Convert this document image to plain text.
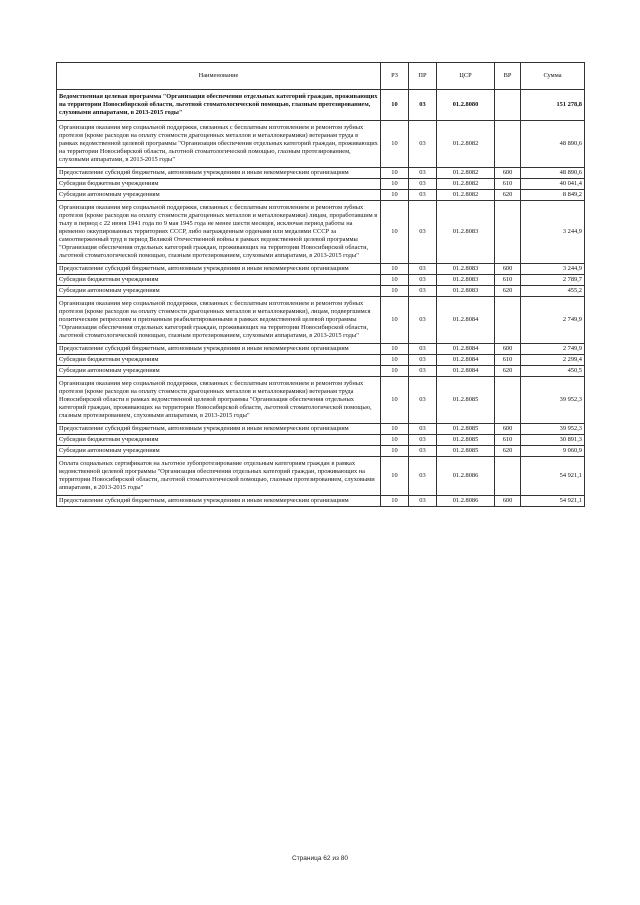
Наименование	РЗ	ПР	ЦСР	ВР	Сумма
Ведомственная целевая программа "Организация обеспечения отдельных категорий граждан, проживающих на территории Новосибирской области, льготной стоматологической помощью, глазным протезированием, слуховыми аппаратами, в 2013-2015 годы"	10	03	01.2.8080		151 278,8
Организация оказания мер социальной поддержки, связанных с бесплатным изготовлением и ремонтом зубных протезов (кроме расходов на оплату стоимости драгоценных металлов и металлокерамики) ветеранам труда в рамках ведомственной целевой программы "Организация обеспечения отдельных категорий граждан, проживающих на территории Новосибирской области, льготной стоматологической помощью, глазным протезированием, слуховыми аппаратами, в 2013-2015 годы"	10	03	01.2.8082		48 890,6
Предоставление субсидий бюджетным, автономным учреждениям и иным некоммерческим организациям	10	03	01.2.8082	600	48 890,6
Субсидии бюджетным учреждениям	10	03	01.2.8082	610	40 041,4
Субсидии автономным учреждениям	10	03	01.2.8082	620	8 849,2
Организация оказания мер социальной поддержки, связанных с бесплатным изготовлением и ремонтом зубных протезов (кроме расходов на оплату стоимости драгоценных металлов и металлокерамики) лицам, проработавшим в тылу в период с 22 июня 1941 года по 9 мая 1945 года не менее шести месяцев, исключая период работы на временно оккупированных территориях СССР, либо награжденным орденами или медалями СССР за самоотверженный труд в период Великой Отечественной войны в рамках ведомственной целевой программы "Организация обеспечения отдельных категорий граждан, проживающих на территории Новосибирской области, льготной стоматологической помощью, глазным протезированием, слуховыми аппаратами, в 2013-2015 годы"	10	03	01.2.8083		3 244,9
Предоставление субсидий бюджетным, автономным учреждениям и иным некоммерческим организациям	10	03	01.2.8083	600	3 244,9
Субсидии бюджетным учреждениям	10	03	01.2.8083	610	2 789,7
Субсидии автономным учреждениям	10	03	01.2.8083	620	455,2
Организация оказания мер социальной поддержки, связанных с бесплатным изготовлением и ремонтом зубных протезов (кроме расходов на оплату стоимости драгоценных металлов и металлокерамики), лицам, подвергшимся политическим репрессиям и признанным реабилитированными в рамках ведомственной целевой программы "Организация обеспечения отдельных категорий граждан, проживающих на территории Новосибирской области, льготной стоматологической помощью, глазным протезированием, слуховыми аппаратами, в 2013-2015 годы"	10	03	01.2.8084		2 749,9
Предоставление субсидий бюджетным, автономным учреждениям и иным некоммерческим организациям	10	03	01.2.8084	600	2 749,9
Субсидии бюджетным учреждениям	10	03	01.2.8084	610	2 299,4
Субсидии автономным учреждениям	10	03	01.2.8084	620	450,5
Организация оказания мер социальной поддержки, связанных с бесплатным изготовлением и ремонтом зубных протезов (кроме расходов на оплату стоимости драгоценных металлов и металлокерамики) ветеранам труда Новосибирской области в рамках ведомственной целевой программы "Организация обеспечения отдельных категорий граждан, проживающих на территории Новосибирской области, льготной стоматологической помощью, глазным протезированием, слуховыми аппаратами, в 2013-2015 годы"	10	03	01.2.8085		39 952,3
Предоставление субсидий бюджетным, автономным учреждениям и иным некоммерческим организациям	10	03	01.2.8085	600	39 952,3
Субсидии бюджетным учреждениям	10	03	01.2.8085	610	30 891,3
Субсидии автономным учреждениям	10	03	01.2.8085	620	9 060,9
Оплата социальных сертификатов на льготное зубопротезирование отдельным категориям граждан в рамках ведомственной целевой программы "Организация обеспечения отдельных категорий граждан, проживающих на территории Новосибирской области, льготной стоматологической помощью, глазным протезированием, слуховыми аппаратами, в 2013-2015 годы"	10	03	01.2.8086		54 921,1
Предоставление субсидий бюджетным, автономным учреждениям и иным некоммерческим организациям	10	03	01.2.8086	600	54 921,1
Страница 62 из 80
